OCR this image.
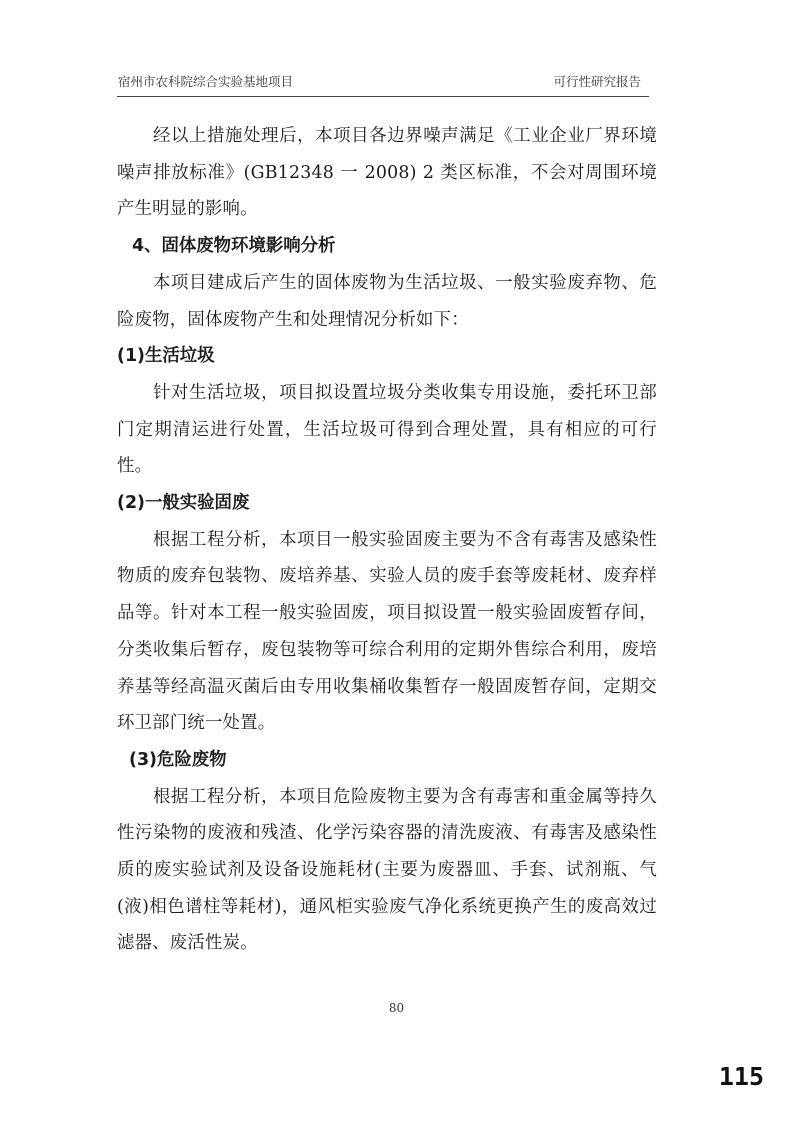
宿州市农科院综合实验基地项目	可行性研究报告

经以上措施处理后，本项目各边界噪声满足《工业企业厂界环境噪声排放标准》(GB12348 一 2008) 2 类区标准，不会对周围环境产生明显的影响。

4、固体废物环境影响分析

本项目建成后产生的固体废物为生活垃圾、一般实验废弃物、危险废物，固体废物产生和处理情况分析如下：

(1)生活垃圾

针对生活垃圾，项目拟设置垃圾分类收集专用设施，委托环卫部门定期清运进行处置，生活垃圾可得到合理处置，具有相应的可行性。

(2)一般实验固废

根据工程分析，本项目一般实验固废主要为不含有毒害及感染性物质的废弃包装物、废培养基、实验人员的废手套等废耗材、废弃样品等。针对本工程一般实验固废，项目拟设置一般实验固废暂存间，分类收集后暂存，废包装物等可综合利用的定期外售综合利用，废培养基等经高温灭菌后由专用收集桶收集暂存一般固废暂存间，定期交环卫部门统一处置。

(3)危险废物

根据工程分析，本项目危险废物主要为含有毒害和重金属等持久性污染物的废液和残渣、化学污染容器的清洗废液、有毒害及感染性质的废实验试剂及设备设施耗材(主要为废器皿、手套、试剂瓶、气(液)相色谱柱等耗材)，通风柜实验废气净化系统更换产生的废高效过滤器、废活性炭。

80
115
